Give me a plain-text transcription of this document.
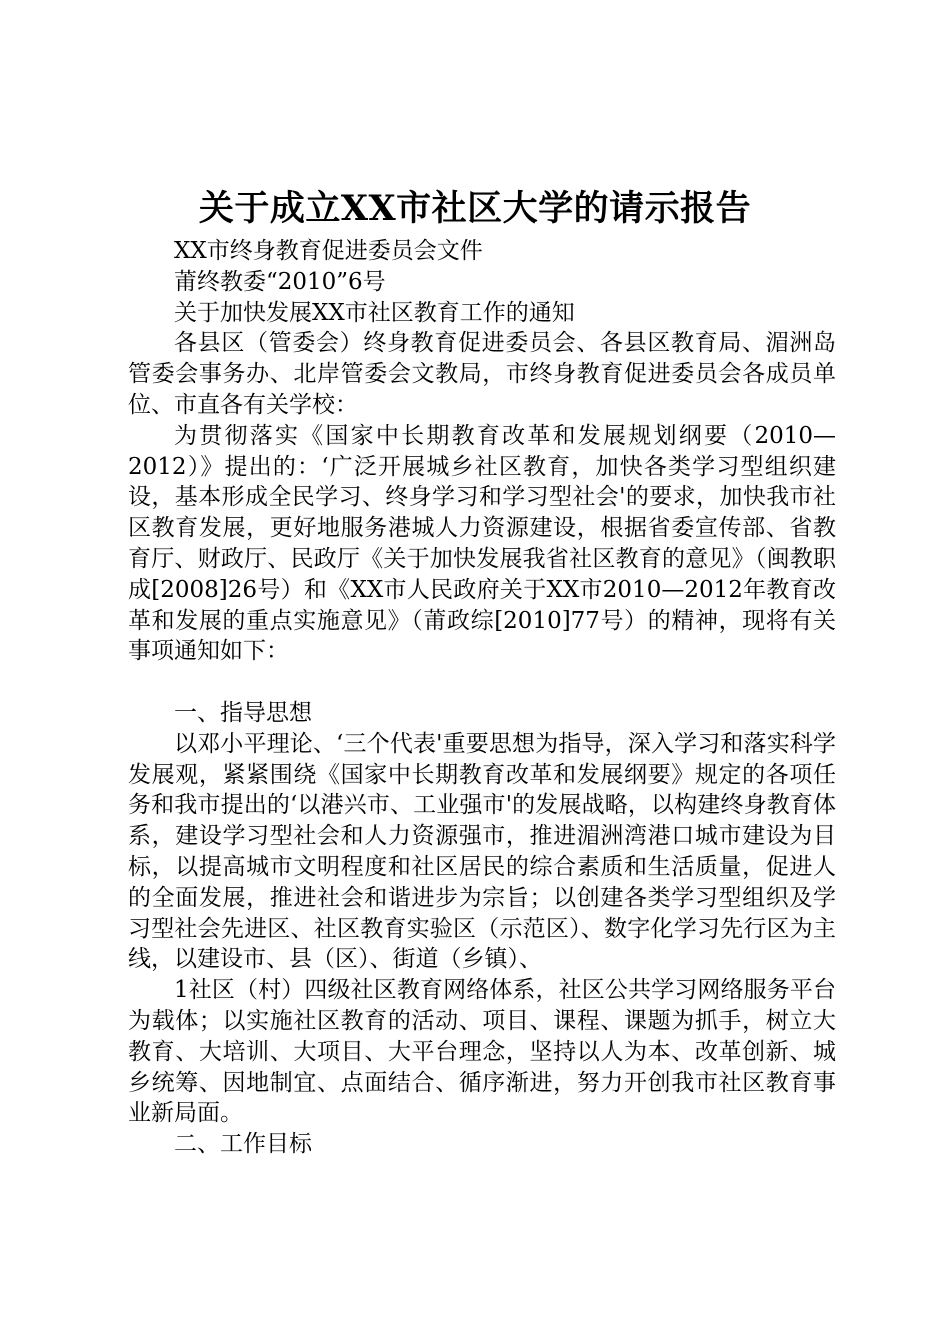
关于成立XX市社区大学的请示报告

XX市终身教育促进委员会文件

莆终教委“2010”6号

关于加快发展XX市社区教育工作的通知

各县区（管委会）终身教育促进委员会、各县区教育局、湄洲岛管委会事务办、北岸管委会文教局，市终身教育促进委员会各成员单位、市直各有关学校：

为贯彻落实《国家中长期教育改革和发展规划纲要（2010—2012）》提出的：‘广泛开展城乡社区教育，加快各类学习型组织建设，基本形成全民学习、终身学习和学习型社会'的要求，加快我市社区教育发展，更好地服务港城人力资源建设，根据省委宣传部、省教育厅、财政厅、民政厅《关于加快发展我省社区教育的意见》（闽教职成[2008]26号）和《XX市人民政府关于XX市2010—2012年教育改革和发展的重点实施意见》（莆政综[2010]77号）的精神，现将有关事项通知如下：

一、指导思想

以邓小平理论、‘三个代表'重要思想为指导，深入学习和落实科学发展观，紧紧围绕《国家中长期教育改革和发展纲要》规定的各项任务和我市提出的‘以港兴市、工业强市'的发展战略，以构建终身教育体系，建设学习型社会和人力资源强市，推进湄洲湾港口城市建设为目标，以提高城市文明程度和社区居民的综合素质和生活质量，促进人的全面发展，推进社会和谐进步为宗旨；以创建各类学习型组织及学习型社会先进区、社区教育实验区（示范区）、数字化学习先行区为主线，以建设市、县（区）、街道（乡镇）、

1社区（村）四级社区教育网络体系，社区公共学习网络服务平台为载体；以实施社区教育的活动、项目、课程、课题为抓手，树立大教育、大培训、大项目、大平台理念，坚持以人为本、改革创新、城乡统筹、因地制宜、点面结合、循序渐进，努力开创我市社区教育事业新局面。

二、工作目标
